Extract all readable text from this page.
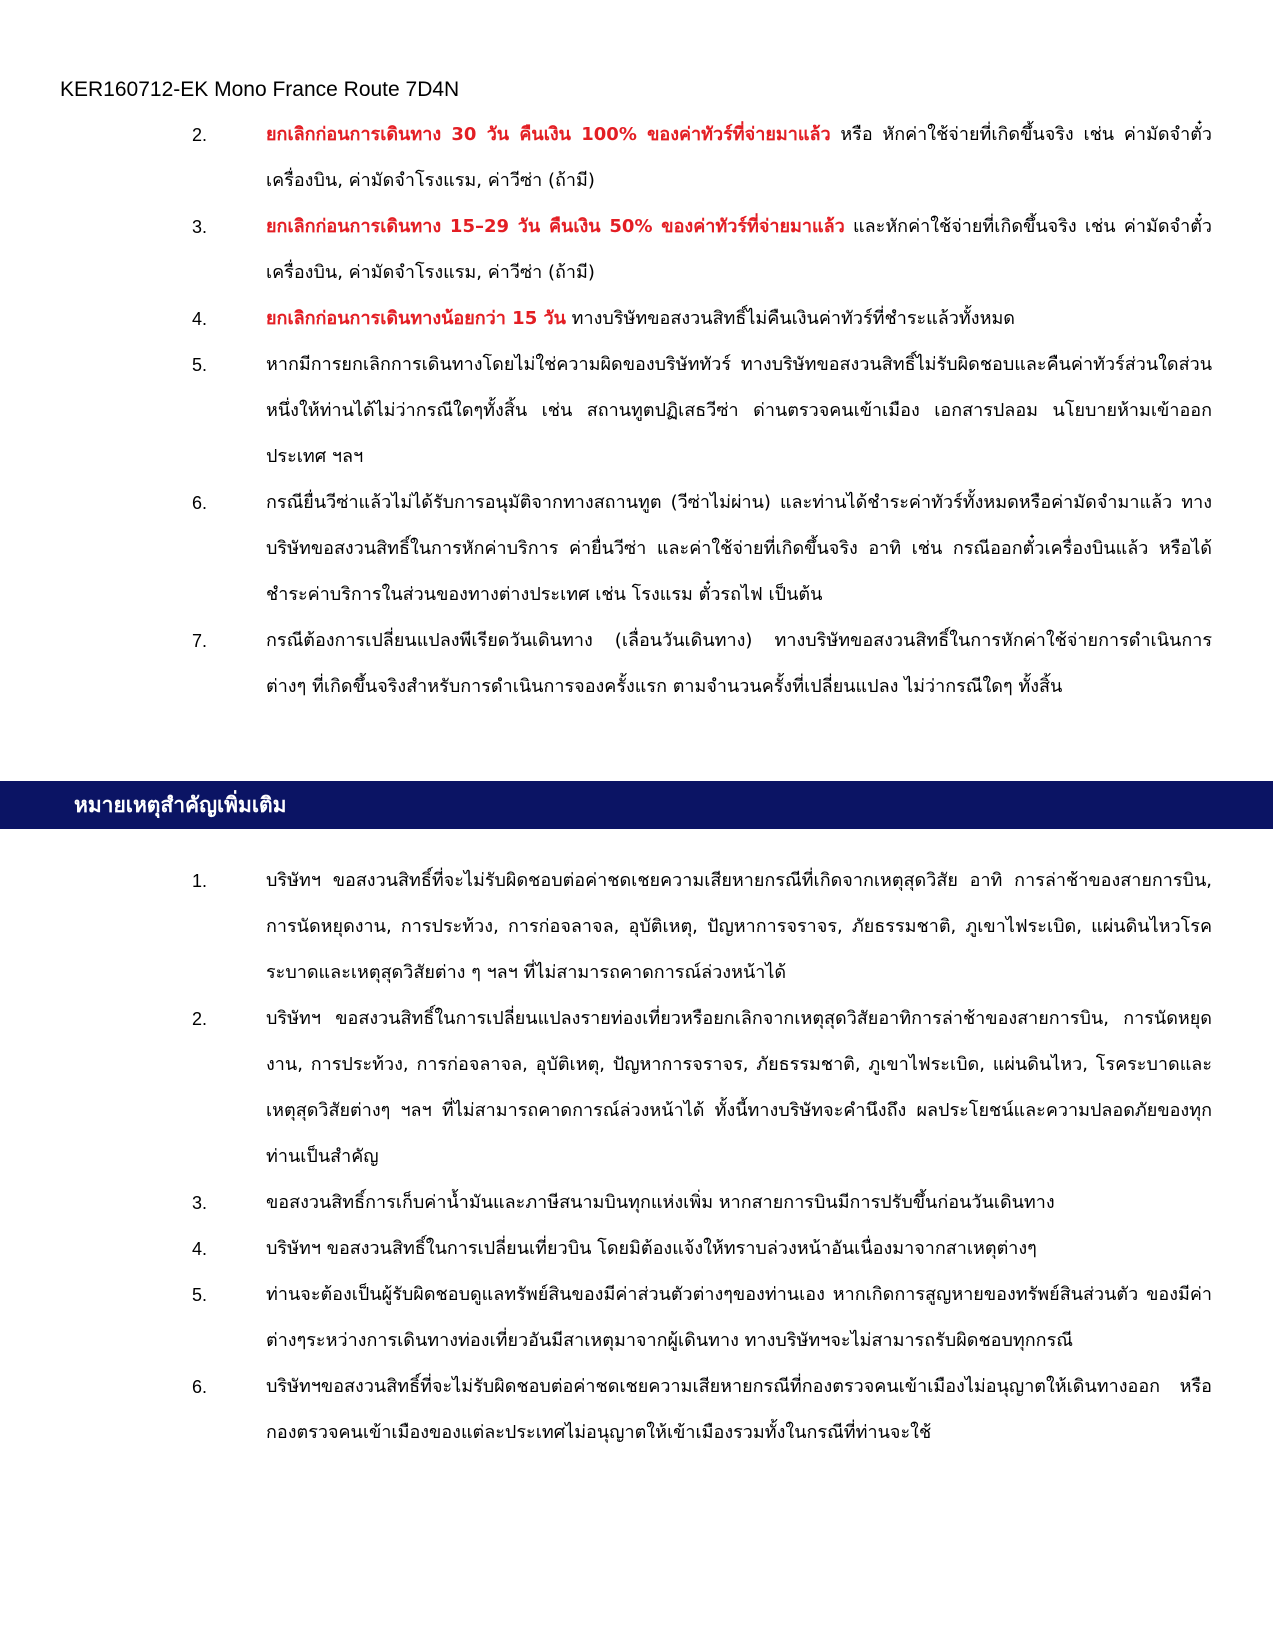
KER160712-EK Mono France Route 7D4N
2.	ยกเลิกก่อนการเดินทาง 30 วัน คืนเงิน 100% ของค่าทัวร์ที่จ่ายมาแล้ว หรือ หักค่าใช้จ่ายที่เกิดขึ้นจริง เช่น ค่ามัดจำตั๋วเครื่องบิน, ค่ามัดจำโรงแรม, ค่าวีซ่า (ถ้ามี)
3.	ยกเลิกก่อนการเดินทาง 15–29 วัน คืนเงิน 50% ของค่าทัวร์ที่จ่ายมาแล้ว และหักค่าใช้จ่ายที่เกิดขึ้นจริง เช่น ค่ามัดจำตั๋วเครื่องบิน, ค่ามัดจำโรงแรม, ค่าวีซ่า (ถ้ามี)
4.	ยกเลิกก่อนการเดินทางน้อยกว่า 15 วัน ทางบริษัทขอสงวนสิทธิ์ไม่คืนเงินค่าทัวร์ที่ชำระแล้วทั้งหมด
5.	หากมีการยกเลิกการเดินทางโดยไม่ใช่ความผิดของบริษัททัวร์ ทางบริษัทขอสงวนสิทธิ์ไม่รับผิดชอบและคืนค่าทัวร์ส่วนใดส่วนหนึ่งให้ท่านได้ไม่ว่ากรณีใดๆทั้งสิ้น เช่น สถานทูตปฏิเสธวีซ่า ด่านตรวจคนเข้าเมือง เอกสารปลอม นโยบายห้ามเข้าออกประเทศ ฯลฯ
6.	กรณียื่นวีซ่าแล้วไม่ได้รับการอนุมัติจากทางสถานทูต (วีซ่าไม่ผ่าน) และท่านได้ชำระค่าทัวร์ทั้งหมดหรือค่ามัดจำมาแล้ว ทางบริษัทขอสงวนสิทธิ์ในการหักค่าบริการ ค่ายื่นวีซ่า และค่าใช้จ่ายที่เกิดขึ้นจริง อาทิ เช่น กรณีออกตั๋วเครื่องบินแล้ว หรือได้ชำระค่าบริการในส่วนของทางต่างประเทศ เช่น โรงแรม ตั๋วรถไฟ เป็นต้น
7.	กรณีต้องการเปลี่ยนแปลงพีเรียดวันเดินทาง (เลื่อนวันเดินทาง) ทางบริษัทขอสงวนสิทธิ์ในการหักค่าใช้จ่ายการดำเนินการต่างๆ ที่เกิดขึ้นจริงสำหรับการดำเนินการจองครั้งแรก ตามจำนวนครั้งที่เปลี่ยนแปลง ไม่ว่ากรณีใดๆ ทั้งสิ้น
หมายเหตุสำคัญเพิ่มเติม
1.	บริษัทฯ ขอสงวนสิทธิ์ที่จะไม่รับผิดชอบต่อค่าชดเชยความเสียหายกรณีที่เกิดจากเหตุสุดวิสัย อาทิ การล่าช้าของสายการบิน, การนัดหยุดงาน, การประท้วง, การก่อจลาจล, อุบัติเหตุ, ปัญหาการจราจร, ภัยธรรมชาติ, ภูเขาไฟระเบิด, แผ่นดินไหวโรคระบาดและเหตุสุดวิสัยต่าง ๆ ฯลฯ ที่ไม่สามารถคาดการณ์ล่วงหน้าได้
2.	บริษัทฯ ขอสงวนสิทธิ์ในการเปลี่ยนแปลงรายท่องเที่ยวหรือยกเลิกจากเหตุสุดวิสัยอาทิการล่าช้าของสายการบิน, การนัดหยุดงาน, การประท้วง, การก่อจลาจล, อุบัติเหตุ, ปัญหาการจราจร, ภัยธรรมชาติ, ภูเขาไฟระเบิด, แผ่นดินไหว, โรคระบาดและเหตุสุดวิสัยต่างๆ ฯลฯ ที่ไม่สามารถคาดการณ์ล่วงหน้าได้ ทั้งนี้ทางบริษัทจะคำนึงถึง ผลประโยชน์และความปลอดภัยของทุกท่านเป็นสำคัญ
3.	ขอสงวนสิทธิ์การเก็บค่าน้ำมันและภาษีสนามบินทุกแห่งเพิ่ม หากสายการบินมีการปรับขึ้นก่อนวันเดินทาง
4.	บริษัทฯ ขอสงวนสิทธิ์ในการเปลี่ยนเที่ยวบิน โดยมิต้องแจ้งให้ทราบล่วงหน้าอันเนื่องมาจากสาเหตุต่างๆ
5.	ท่านจะต้องเป็นผู้รับผิดชอบดูแลทรัพย์สินของมีค่าส่วนตัวต่างๆของท่านเอง หากเกิดการสูญหายของทรัพย์สินส่วนตัว ของมีค่าต่างๆระหว่างการเดินทางท่องเที่ยวอันมีสาเหตุมาจากผู้เดินทาง ทางบริษัทฯจะไม่สามารถรับผิดชอบทุกกรณี
6.	บริษัทฯขอสงวนสิทธิ์ที่จะไม่รับผิดชอบต่อค่าชดเชยความเสียหายกรณีที่กองตรวจคนเข้าเมืองไม่อนุญาตให้เดินทางออก หรือกองตรวจคนเข้าเมืองของแต่ละประเทศไม่อนุญาตให้เข้าเมืองรวมทั้งในกรณีที่ท่านจะใช้
